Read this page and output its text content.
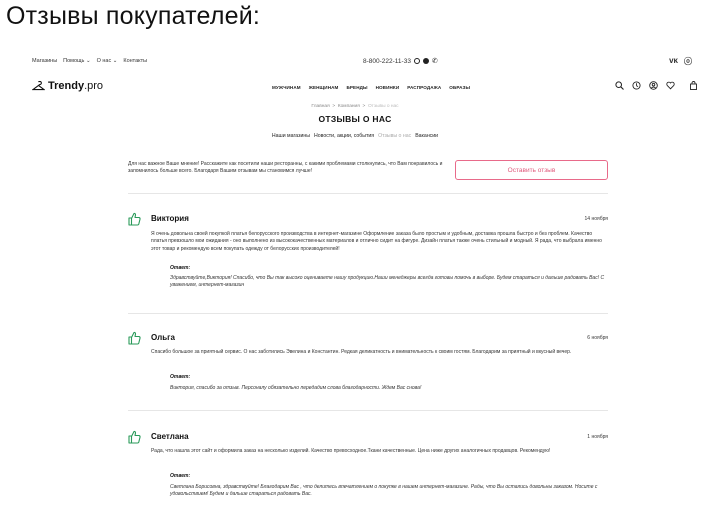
Отзывы покупателей:
Магазины Помощь ⌄ О нас ⌄ Контакты	8-800-222-11-33	✆	ᴠᴋ ⓞ
Trendy .pro	МУЖЧИНАМ ЖЕНЩИНАМ БРЕНДЫ НОВИНКИ РАСПРОДАЖА ОБРАЗЫ
Главная  >  Компания  >  Отзывы о нас
ОТЗЫВЫ О НАС
Наши магазины Новости, акции, события Отзывы о нас Вакансии
Для нас важное Ваше мнение! Расскажите как посетили наши ресторанны, с какими проблемами столкнулись, что Вам понравилось и запомнилось больше всего. Благодаря Вашим отзывам мы становимся лучше!	Оставить отзыв
Виктория	14 ноября
Я очень довольна своей покупкой платья белорусского производства в интернет-магазине Оформление заказа было простым и удобным, доставка прошла быстро и без проблем. Качество платья превзошло мои ожидания - оно выполнено из высококачественных материалов и отлично сидит на фигуре. Дизайн платья также очень стильный и модный. Я рада, что выбрала именно этот товар и рекомендую всем покупать одежду от белорусских производителей!
Ответ:
Здравствуйте,Виктория! Спасибо, что Вы так высоко оцениваете нашу продукцию.Наши менеджеры всегда готовы помочь в выборе. Будем стараться и дальше радовать Вас! С уважением, интернет-магазин
Ольга	6 ноября
Спасибо большое за приятный сервис. О нас заботились Эвелина и Константин. Редкая деликатность и внимательность к своим гостям. Благодарим за приятный и вкусный вечер.
Ответ:
Виктория, спасибо за отзыв. Персоналу обязательно передадим слова благодарности. Ждем Вас снова!
Светлана	1 ноября
Рада, что нашла этот сайт и оформила заказ на несколько изделий. Качество превосходное.Ткани качественные. Цена ниже других аналогичных продавцов. Рекомендую!
Ответ:
Светлана Борисовна, здравствуйте! Благодарим Вас , что делитесь впечатлением о покупке в нашем интернет-магазине. Рады, что Вы остались довольны заказом. Носите с удовольствием! Будем и дальше стараться радовать Вас.
